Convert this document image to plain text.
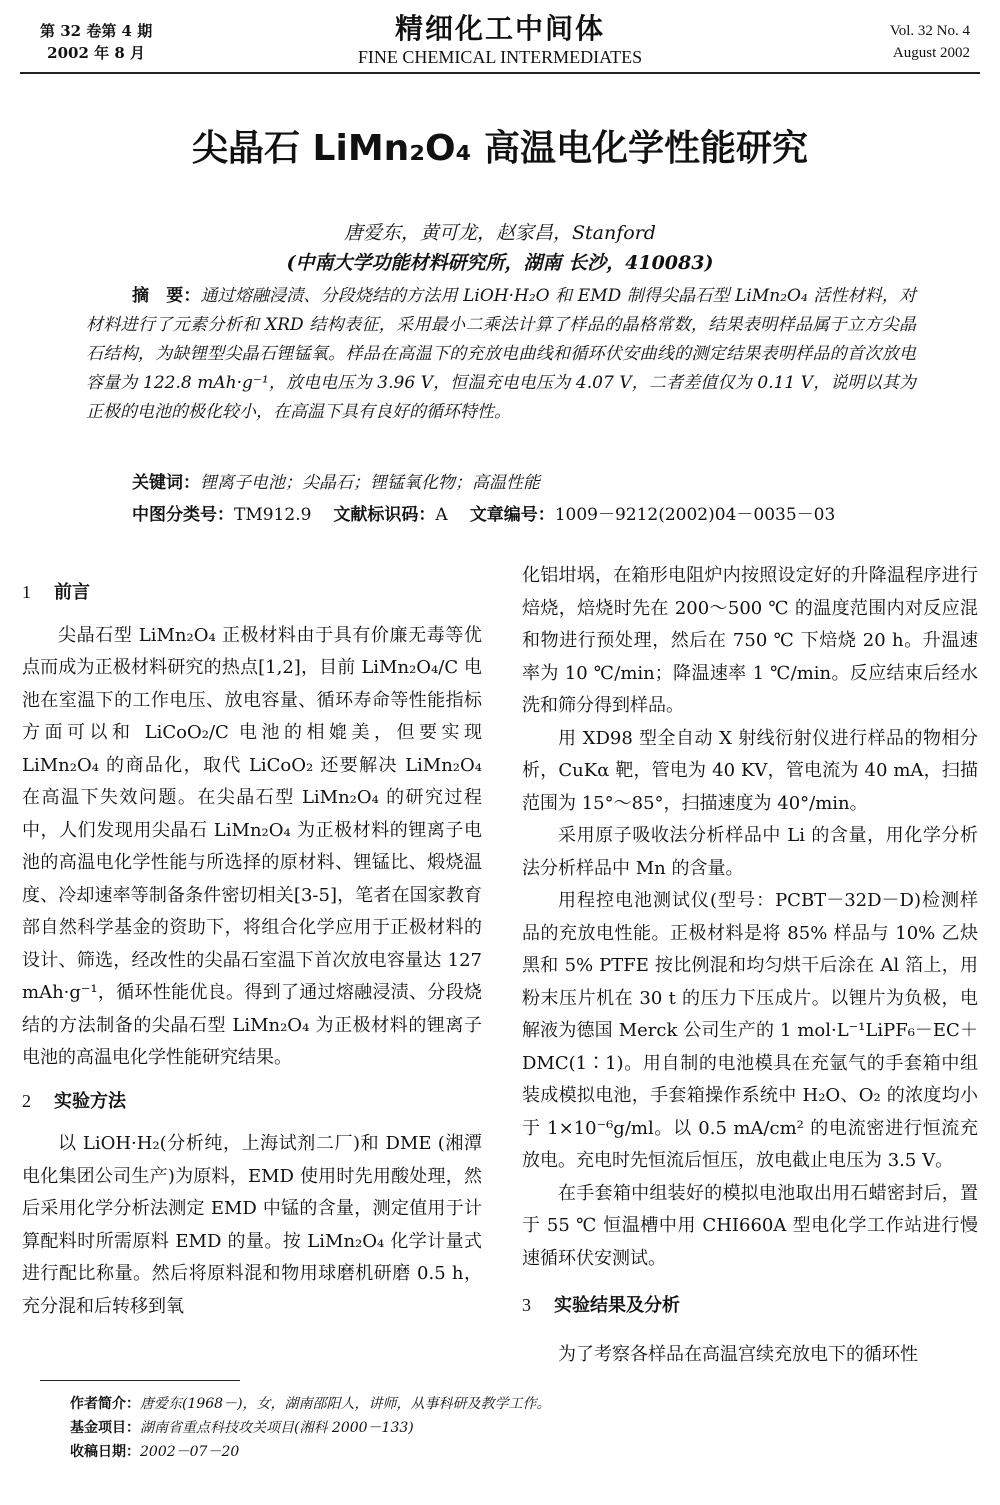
第 32 卷第 4 期
2002 年 8 月
精细化工中间体
FINE CHEMICAL INTERMEDIATES
Vol. 32 No. 4
August 2002
尖晶石 LiMn₂O₄ 高温电化学性能研究
唐爱东，黄可龙，赵家昌，Stanford
(中南大学功能材料研究所，湖南 长沙，410083)
摘　要：通过熔融浸渍、分段烧结的方法用 LiOH·H₂O 和 EMD 制得尖晶石型 LiMn₂O₄ 活性材料，对材料进行了元素分析和 XRD 结构表征，采用最小二乘法计算了样品的晶格常数，结果表明样品属于立方尖晶石结构，为缺锂型尖晶石锂锰氧。样品在高温下的充放电曲线和循环伏安曲线的测定结果表明样品的首次放电容量为 122.8 mAh·g⁻¹，放电电压为 3.96 V，恒温充电电压为 4.07 V，二者差值仅为 0.11 V，说明以其为正极的电池的极化较小，在高温下具有良好的循环特性。
关键词：锂离子电池；尖晶石；锂锰氧化物；高温性能
中图分类号：TM912.9 文献标识码：A 文章编号：1009－9212(2002)04－0035－03
1 前言

尖晶石型 LiMn₂O₄ 正极材料由于具有价廉无毒等优点而成为正极材料研究的热点[1,2]，目前 LiMn₂O₄/C 电池在室温下的工作电压、放电容量、循环寿命等性能指标方面可以和 LiCoO₂/C 电池的相媲美，但要实现 LiMn₂O₄ 的商品化，取代 LiCoO₂ 还要解决 LiMn₂O₄ 在高温下失效问题。在尖晶石型 LiMn₂O₄ 的研究过程中，人们发现用尖晶石 LiMn₂O₄ 为正极材料的锂离子电池的高温电化学性能与所选择的原材料、锂锰比、煅烧温度、冷却速率等制备条件密切相关[3-5]，笔者在国家教育部自然科学基金的资助下，将组合化学应用于正极材料的设计、筛选，经改性的尖晶石室温下首次放电容量达 127 mAh·g⁻¹，循环性能优良。得到了通过熔融浸渍、分段烧结的方法制备的尖晶石型 LiMn₂O₄ 为正极材料的锂离子电池的高温电化学性能研究结果。

2 实验方法

以 LiOH·H₂(分析纯，上海试剂二厂)和 DME (湘潭电化集团公司生产)为原料，EMD 使用时先用酸处理，然后采用化学分析法测定 EMD 中锰的含量，测定值用于计算配料时所需原料 EMD 的量。按 LiMn₂O₄ 化学计量式进行配比称量。然后将原料混和物用球磨机研磨 0.5 h，充分混和后转移到氧

化铝坩埚，在箱形电阻炉内按照设定好的升降温程序进行焙烧，焙烧时先在 200～500 ℃ 的温度范围内对反应混和物进行预处理，然后在 750 ℃ 下焙烧 20 h。升温速率为 10 ℃/min；降温速率 1 ℃/min。反应结束后经水洗和筛分得到样品。

用 XD98 型全自动 X 射线衍射仪进行样品的物相分析，CuKα 靶，管电为 40 KV，管电流为 40 mA，扫描范围为 15°～85°，扫描速度为 40°/min。

采用原子吸收法分析样品中 Li 的含量，用化学分析法分析样品中 Mn 的含量。

用程控电池测试仪(型号：PCBT－32D－D)检测样品的充放电性能。正极材料是将 85% 样品与 10% 乙炔黑和 5% PTFE 按比例混和均匀烘干后涂在 Al 箔上，用粉末压片机在 30 t 的压力下压成片。以锂片为负极，电解液为德国 Merck 公司生产的 1 mol·L⁻¹LiPF₆－EC＋DMC(1∶1)。用自制的电池模具在充氩气的手套箱中组装成模拟电池，手套箱操作系统中 H₂O、O₂ 的浓度均小于 1×10⁻⁶g/ml。以 0.5 mA/cm² 的电流密进行恒流充放电。充电时先恒流后恒压，放电截止电压为 3.5 V。

在手套箱中组装好的模拟电池取出用石蜡密封后，置于 55 ℃ 恒温槽中用 CHI660A 型电化学工作站进行慢速循环伏安测试。

3 实验结果及分析

为了考察各样品在高温宫续充放电下的循环性

作者简介：唐爱东(1968－)，女，湖南邵阳人，讲师，从事科研及教学工作。
基金项目：湖南省重点科技攻关项目(湘科 2000－133)
收稿日期：2002－07－20
